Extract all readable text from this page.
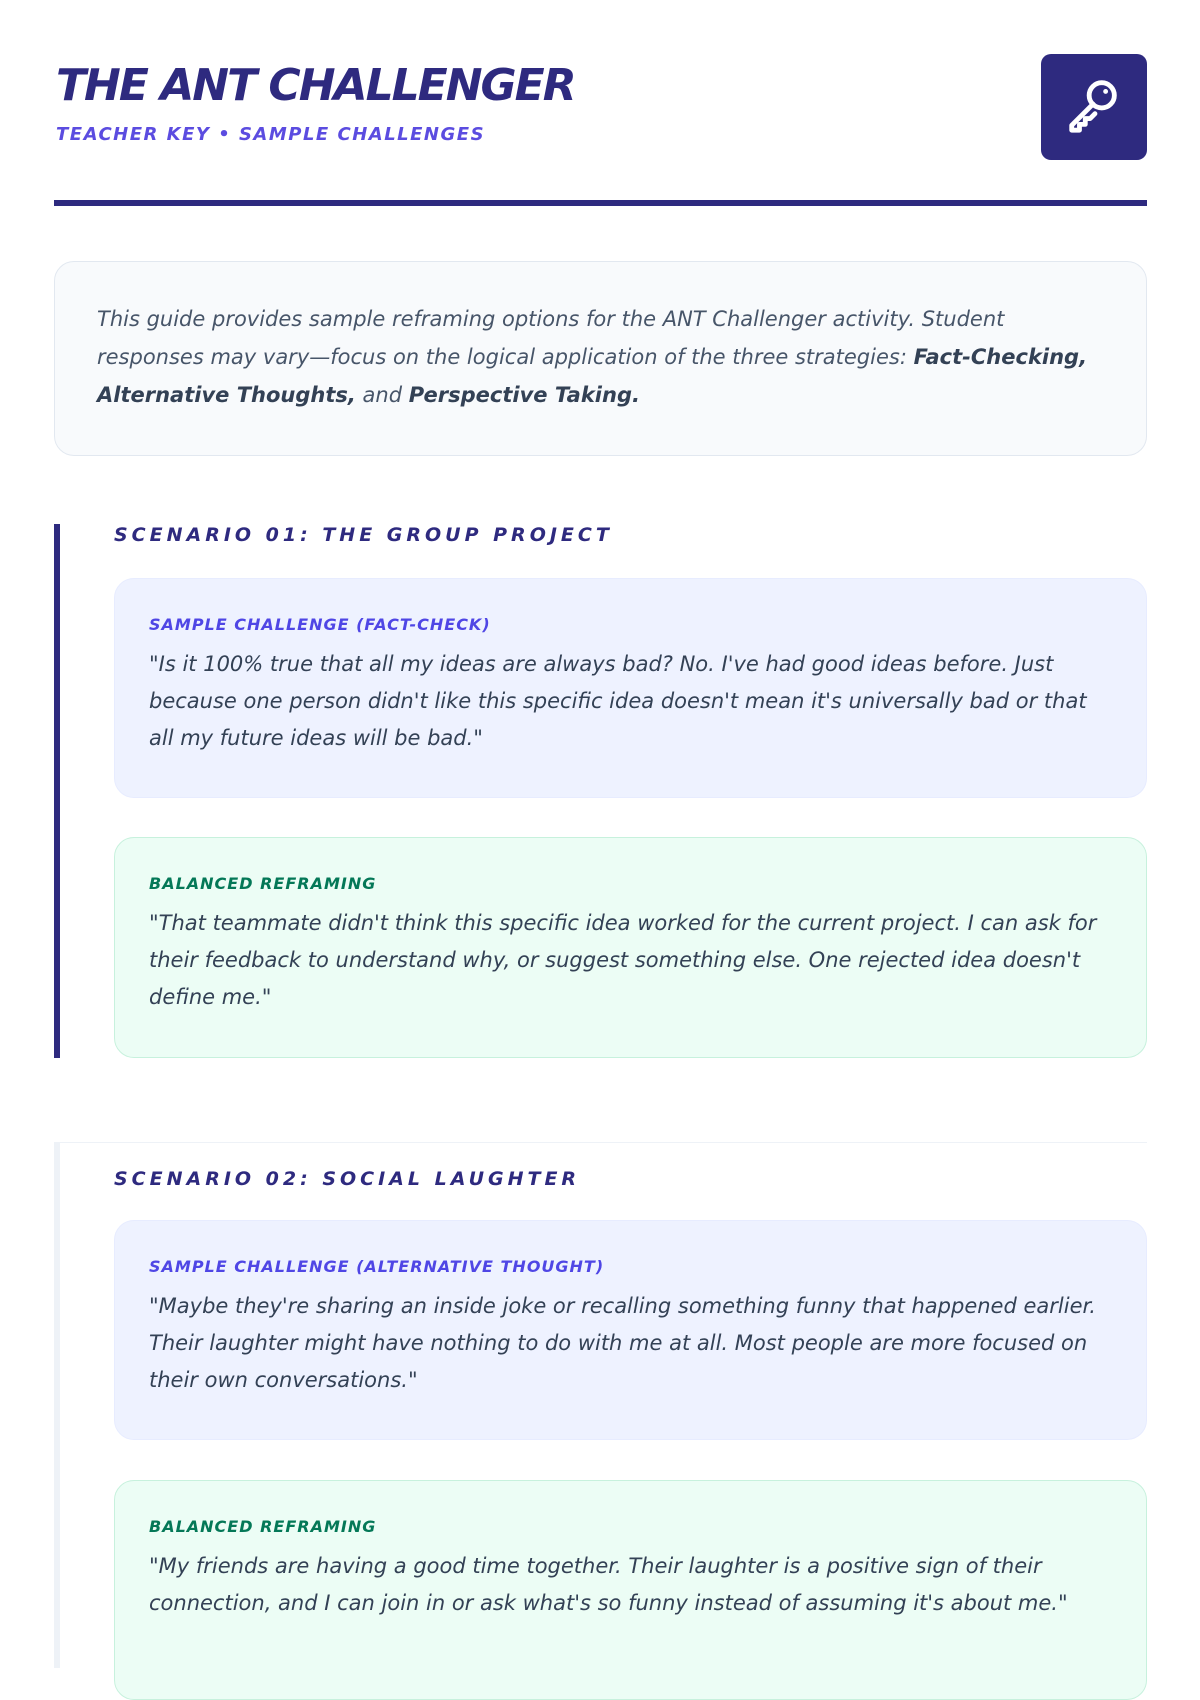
THE ANT CHALLENGER
TEACHER KEY • SAMPLE CHALLENGES

This guide provides sample reframing options for the ANT Challenger activity. Student responses may vary—focus on the logical application of the three strategies: Fact-Checking, Alternative Thoughts, and Perspective Taking.

SCENARIO 01: THE GROUP PROJECT
SAMPLE CHALLENGE (FACT-CHECK)

"Is it 100% true that all my ideas are always bad? No. I've had good ideas before. Just because one person didn't like this specific idea doesn't mean it's universally bad or that all my future ideas will be bad."

BALANCED REFRAMING

"That teammate didn't think this specific idea worked for the current project. I can ask for their feedback to understand why, or suggest something else. One rejected idea doesn't define me."

SCENARIO 02: SOCIAL LAUGHTER
SAMPLE CHALLENGE (ALTERNATIVE THOUGHT)

"Maybe they're sharing an inside joke or recalling something funny that happened earlier. Their laughter might have nothing to do with me at all. Most people are more focused on their own conversations."

BALANCED REFRAMING

"My friends are having a good time together. Their laughter is a positive sign of their connection, and I can join in or ask what's so funny instead of assuming it's about me."
